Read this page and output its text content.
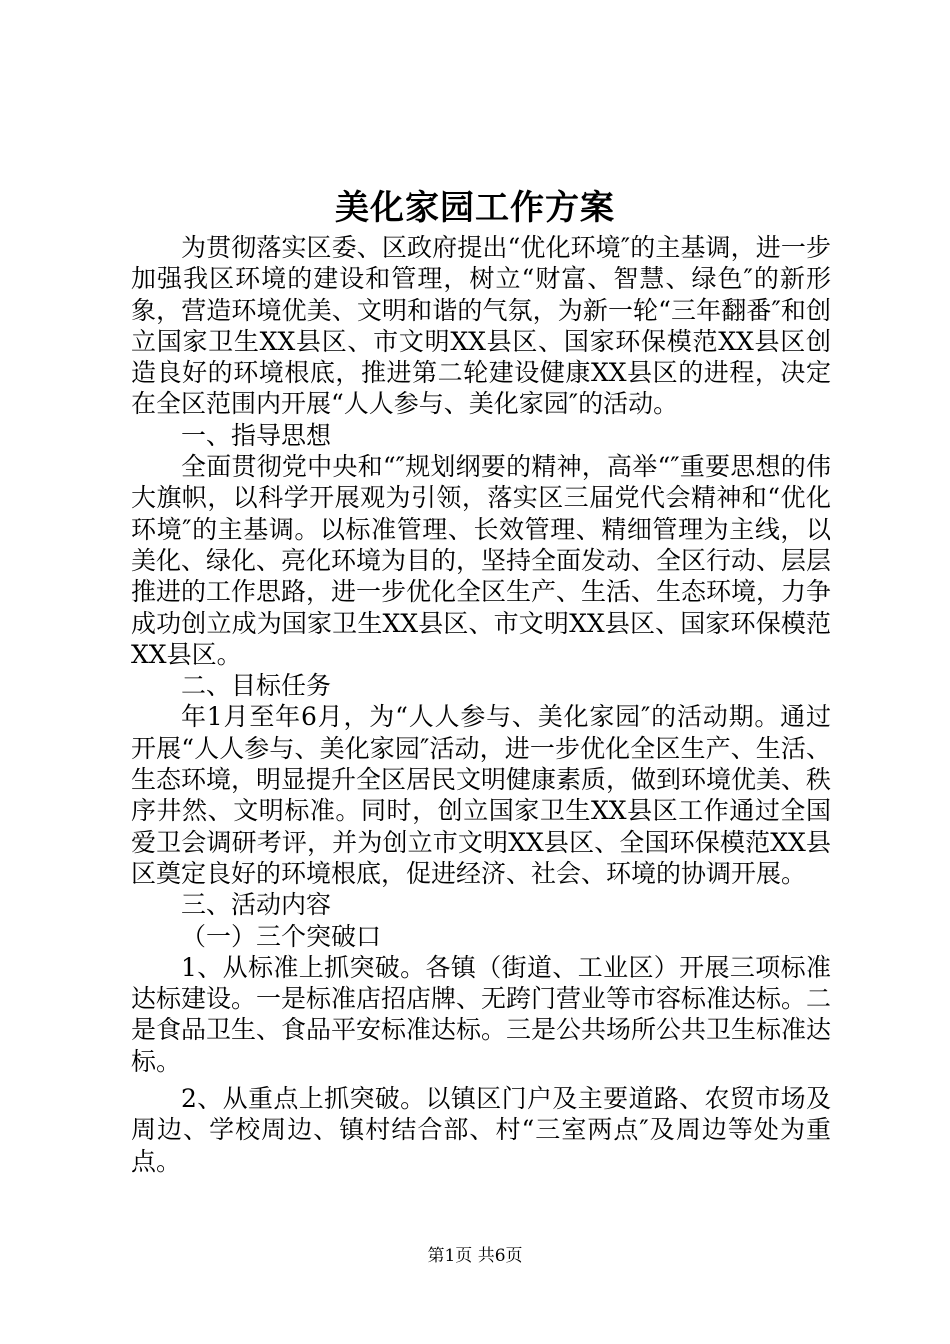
美化家园工作方案

为贯彻落实区委、区政府提出“优化环境″的主基调，进一步加强我区环境的建设和管理，树立“财富、智慧、绿色″的新形象，营造环境优美、文明和谐的气氛，为新一轮“三年翻番″和创立国家卫生XX县区、市文明XX县区、国家环保模范XX县区创造良好的环境根底，推进第二轮建设健康XX县区的进程，决定在全区范围内开展“人人参与、美化家园″的活动。

一、指导思想

全面贯彻党中央和“″规划纲要的精神，高举“″重要思想的伟大旗帜，以科学开展观为引领，落实区三届党代会精神和“优化环境″的主基调。以标准管理、长效管理、精细管理为主线，以美化、绿化、亮化环境为目的，坚持全面发动、全区行动、层层推进的工作思路，进一步优化全区生产、生活、生态环境，力争成功创立成为国家卫生XX县区、市文明XX县区、国家环保模范XX县区。

二、目标任务

年1月至年6月，为“人人参与、美化家园″的活动期。通过开展“人人参与、美化家园″活动，进一步优化全区生产、生活、生态环境，明显提升全区居民文明健康素质，做到环境优美、秩序井然、文明标准。同时，创立国家卫生XX县区工作通过全国爱卫会调研考评，并为创立市文明XX县区、全国环保模范XX县区奠定良好的环境根底，促进经济、社会、环境的协调开展。

三、活动内容

（一）三个突破口

1、从标准上抓突破。各镇（街道、工业区）开展三项标准达标建设。一是标准店招店牌、无跨门营业等市容标准达标。二是食品卫生、食品平安标准达标。三是公共场所公共卫生标准达标。

2、从重点上抓突破。以镇区门户及主要道路、农贸市场及周边、学校周边、镇村结合部、村“三室两点″及周边等处为重点。

第1页 共6页
